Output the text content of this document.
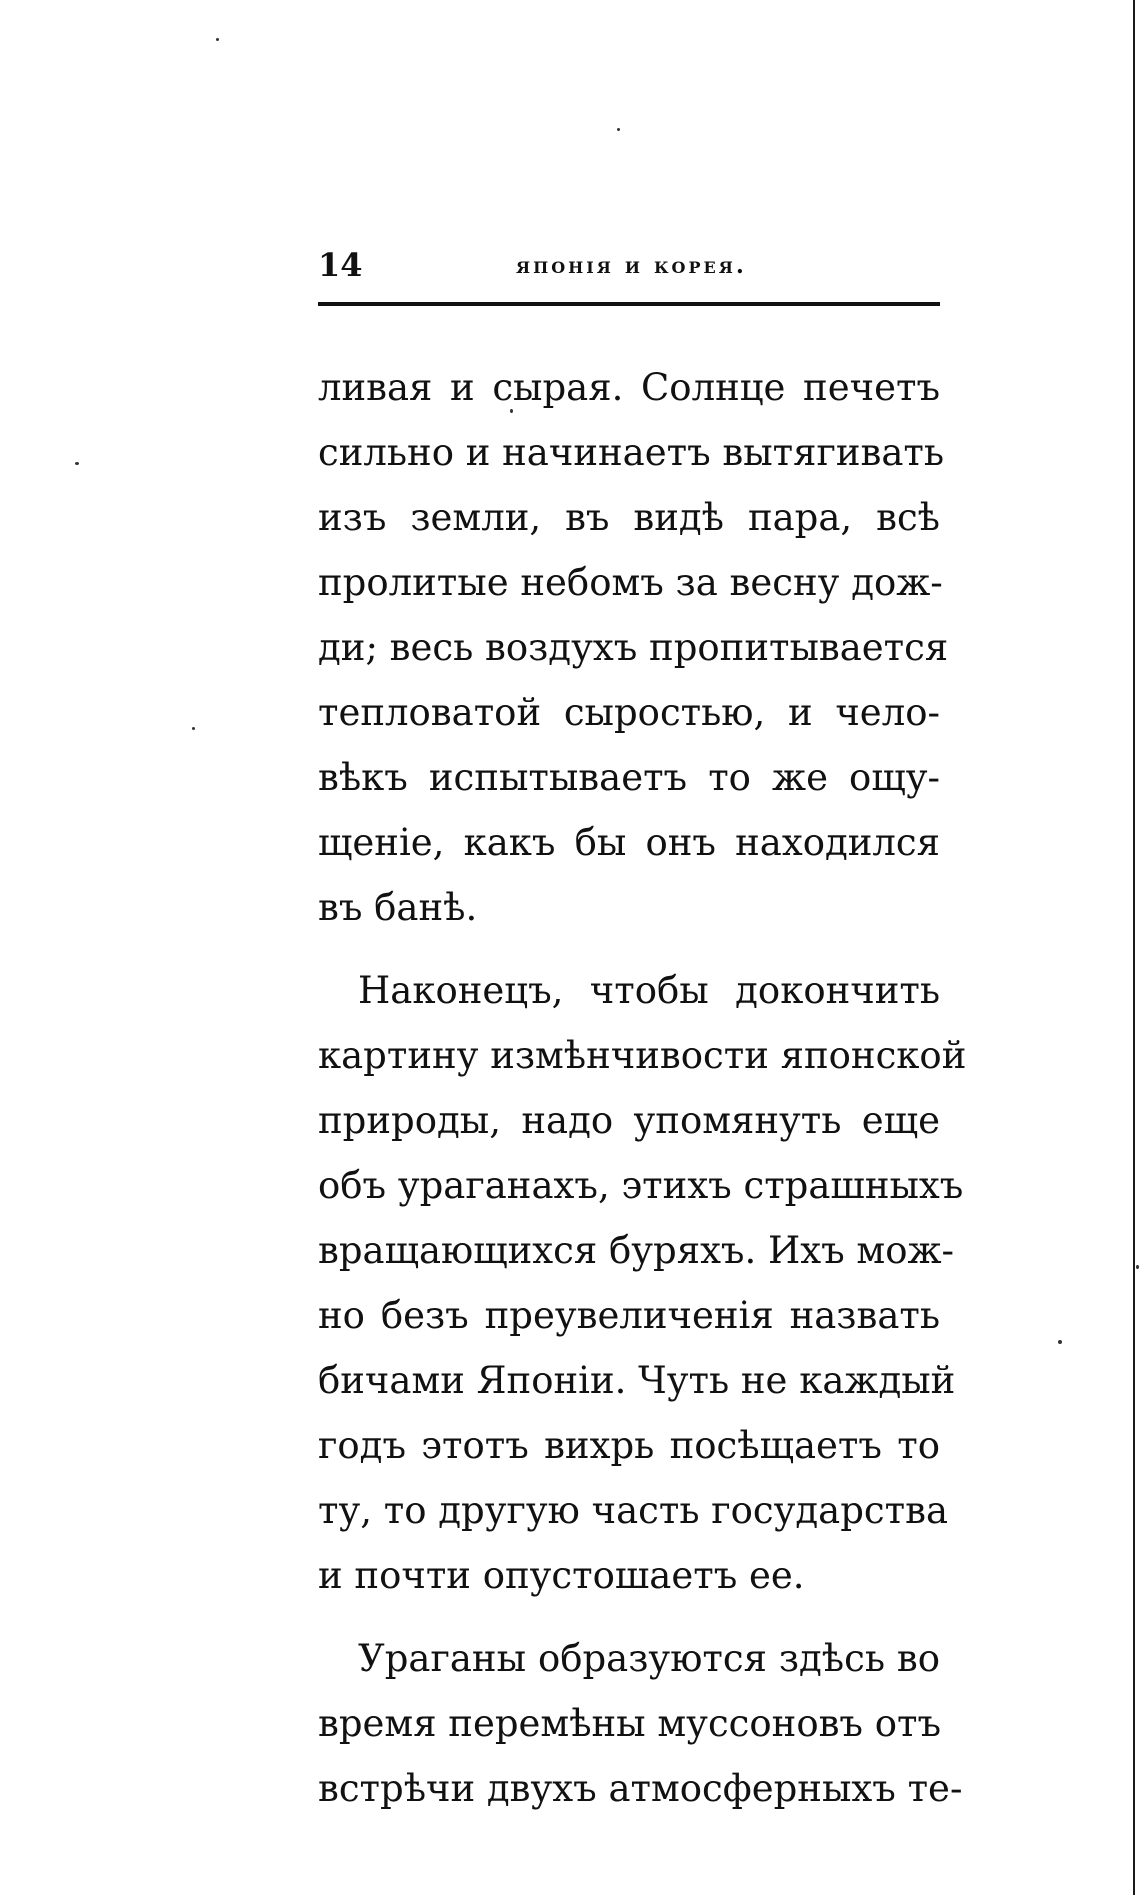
14	японія и корея.
ливая и сырая. Солнце печетъ
сильно и начинаетъ вытягивать
изъ земли, въ видѣ пара, всѣ
пролитые небомъ за весну дож-
ди; весь воздухъ пропитывается
тепловатой сыростью, и чело-
вѣкъ испытываетъ то же ощу-
щеніе, какъ бы онъ находился
въ банѣ.
Наконецъ, чтобы докончить
картину измѣнчивости японской
природы, надо упомянуть еще
объ ураганахъ, этихъ страшныхъ
вращающихся буряхъ. Ихъ мож-
но безъ преувеличенія назвать
бичами Японіи. Чуть не каждый
годъ этотъ вихрь посѣщаетъ то
ту, то другую часть государства
и почти опустошаетъ ее.
Ураганы образуются здѣсь во
время перемѣны муссоновъ отъ
встрѣчи двухъ атмосферныхъ те-
